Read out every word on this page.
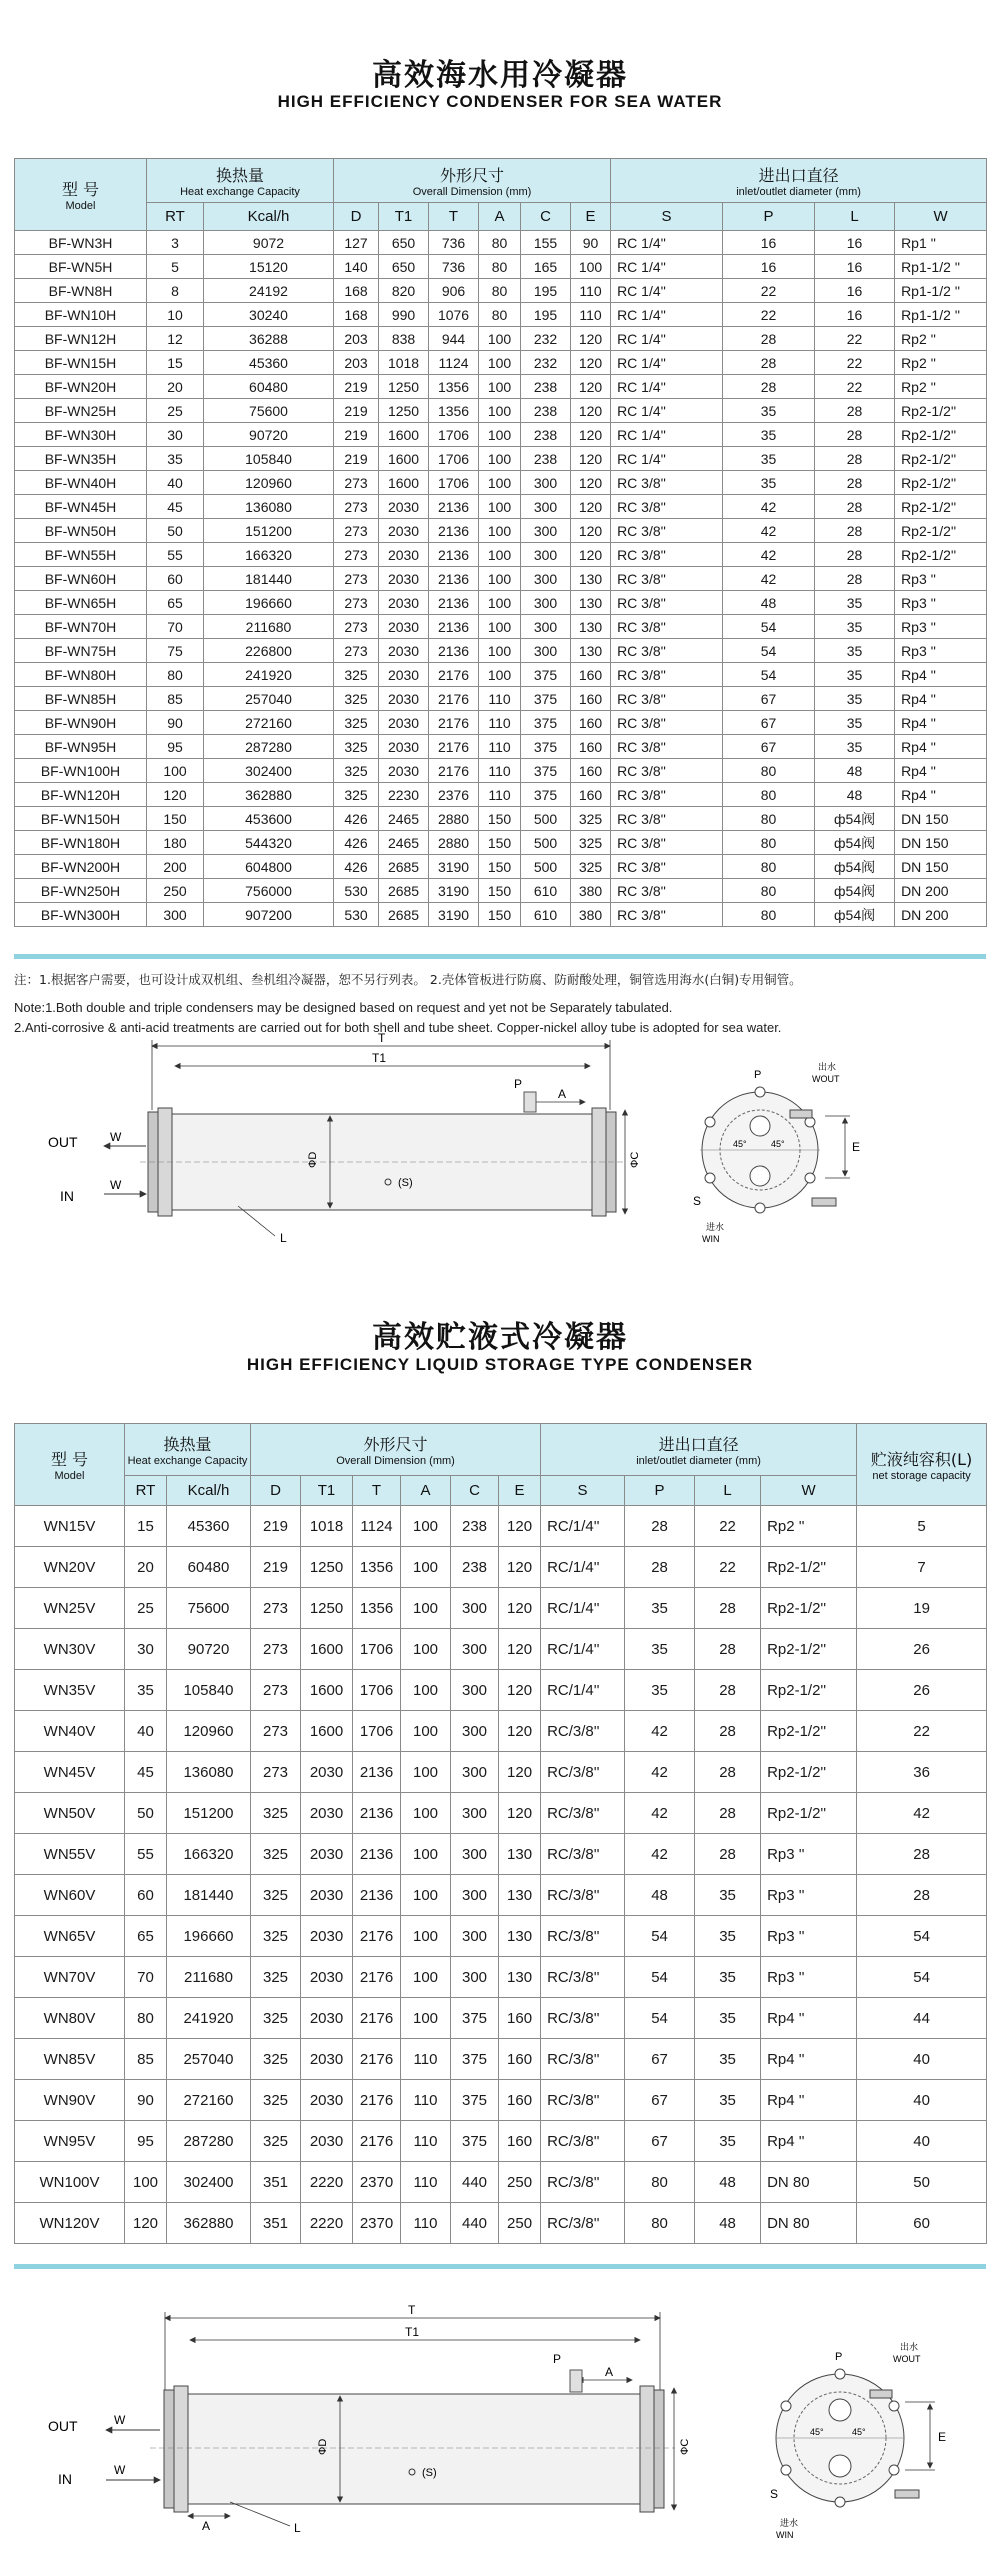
高效海水用冷凝器
HIGH EFFICIENCY CONDENSER FOR SEA WATER
型 号
Model	换热量
Heat exchange Capacity		外形尺寸
Overall Dimension (mm)						进出口直径
inlet/outlet diameter (mm)			

	RT	Kcal/h	D	T1	T	A	C	E	S	P	L	W
BF-WN3H	3	9072	127	650	736	80	155	90	RC 1/4''	16	16	Rp1 ''
BF-WN5H	5	15120	140	650	736	80	165	100	RC 1/4''	16	16	Rp1-1/2 ''
BF-WN8H	8	24192	168	820	906	80	195	110	RC 1/4''	22	16	Rp1-1/2 ''
BF-WN10H	10	30240	168	990	1076	80	195	110	RC 1/4''	22	16	Rp1-1/2 ''
BF-WN12H	12	36288	203	838	944	100	232	120	RC 1/4''	28	22	Rp2 ''
BF-WN15H	15	45360	203	1018	1124	100	232	120	RC 1/4''	28	22	Rp2 ''
BF-WN20H	20	60480	219	1250	1356	100	238	120	RC 1/4''	28	22	Rp2 ''
BF-WN25H	25	75600	219	1250	1356	100	238	120	RC 1/4''	35	28	Rp2-1/2''
BF-WN30H	30	90720	219	1600	1706	100	238	120	RC 1/4''	35	28	Rp2-1/2''
BF-WN35H	35	105840	219	1600	1706	100	238	120	RC 1/4''	35	28	Rp2-1/2''
BF-WN40H	40	120960	273	1600	1706	100	300	120	RC 3/8''	35	28	Rp2-1/2''
BF-WN45H	45	136080	273	2030	2136	100	300	120	RC 3/8''	42	28	Rp2-1/2''
BF-WN50H	50	151200	273	2030	2136	100	300	120	RC 3/8''	42	28	Rp2-1/2''
BF-WN55H	55	166320	273	2030	2136	100	300	120	RC 3/8''	42	28	Rp2-1/2''
BF-WN60H	60	181440	273	2030	2136	100	300	130	RC 3/8''	42	28	Rp3 ''
BF-WN65H	65	196660	273	2030	2136	100	300	130	RC 3/8''	48	35	Rp3 ''
BF-WN70H	70	211680	273	2030	2136	100	300	130	RC 3/8''	54	35	Rp3 ''
BF-WN75H	75	226800	273	2030	2136	100	300	130	RC 3/8''	54	35	Rp3 ''
BF-WN80H	80	241920	325	2030	2176	100	375	160	RC 3/8''	54	35	Rp4 ''
BF-WN85H	85	257040	325	2030	2176	110	375	160	RC 3/8''	67	35	Rp4 ''
BF-WN90H	90	272160	325	2030	2176	110	375	160	RC 3/8''	67	35	Rp4 ''
BF-WN95H	95	287280	325	2030	2176	110	375	160	RC 3/8''	67	35	Rp4 ''
BF-WN100H	100	302400	325	2030	2176	110	375	160	RC 3/8''	80	48	Rp4 ''
BF-WN120H	120	362880	325	2230	2376	110	375	160	RC 3/8''	80	48	Rp4 ''
BF-WN150H	150	453600	426	2465	2880	150	500	325	RC 3/8''	80	ф54阀	DN 150
BF-WN180H	180	544320	426	2465	2880	150	500	325	RC 3/8''	80	ф54阀	DN 150
BF-WN200H	200	604800	426	2685	3190	150	500	325	RC 3/8''	80	ф54阀	DN 150
BF-WN250H	250	756000	530	2685	3190	150	610	380	RC 3/8''	80	ф54阀	DN 200
BF-WN300H	300	907200	530	2685	3190	150	610	380	RC 3/8''	80	ф54阀	DN 200
注：1.根据客户需要，也可设计成双机组、叁机组冷凝器，恕不另行列表。 2.壳体管板进行防腐、防耐酸处理，铜管选用海水(白铜)专用铜管。
Note:1.Both double and triple condensers may be designed based on request and yet not be Separately tabulated.
2.Anti-corrosive & anti-acid treatments are carried out for both shell and tube sheet. Copper-nickel alloy tube is adopted for sea water.
T
T1
P
A
OUT	W
IN
W
ФD
(S)
L
ФC
45°	45°
P
出水
WOUT
E
S
进水
WIN
高效贮液式冷凝器
HIGH EFFICIENCY LIQUID STORAGE TYPE CONDENSER
型 号
Model	换热量
Heat exchange Capacity		外形尺寸
Overall Dimension (mm)						进出口直径
inlet/outlet diameter (mm)				贮液纯容积(L)
net storage capacity

	RT	Kcal/h	D	T1	T	A	C	E	S	P	L	W	
WN15V	15	45360	219	1018	1124	100	238	120	RC/1/4''	28	22	Rp2 ''	5
WN20V	20	60480	219	1250	1356	100	238	120	RC/1/4''	28	22	Rp2-1/2''	7
WN25V	25	75600	273	1250	1356	100	300	120	RC/1/4''	35	28	Rp2-1/2''	19
WN30V	30	90720	273	1600	1706	100	300	120	RC/1/4''	35	28	Rp2-1/2''	26
WN35V	35	105840	273	1600	1706	100	300	120	RC/1/4''	35	28	Rp2-1/2''	26
WN40V	40	120960	273	1600	1706	100	300	120	RC/3/8''	42	28	Rp2-1/2''	22
WN45V	45	136080	273	2030	2136	100	300	120	RC/3/8''	42	28	Rp2-1/2''	36
WN50V	50	151200	325	2030	2136	100	300	120	RC/3/8''	42	28	Rp2-1/2''	42
WN55V	55	166320	325	2030	2136	100	300	130	RC/3/8''	42	28	Rp3 ''	28
WN60V	60	181440	325	2030	2136	100	300	130	RC/3/8''	48	35	Rp3 ''	28
WN65V	65	196660	325	2030	2176	100	300	130	RC/3/8''	54	35	Rp3 ''	54
WN70V	70	211680	325	2030	2176	100	300	130	RC/3/8''	54	35	Rp3 ''	54
WN80V	80	241920	325	2030	2176	100	375	160	RC/3/8''	54	35	Rp4 ''	44
WN85V	85	257040	325	2030	2176	110	375	160	RC/3/8''	67	35	Rp4 ''	40
WN90V	90	272160	325	2030	2176	110	375	160	RC/3/8''	67	35	Rp4 ''	40
WN95V	95	287280	325	2030	2176	110	375	160	RC/3/8''	67	35	Rp4 ''	40
WN100V	100	302400	351	2220	2370	110	440	250	RC/3/8''	80	48	DN 80	50
WN120V	120	362880	351	2220	2370	110	440	250	RC/3/8''	80	48	DN 80	60
T
T1
P
A
OUT	W
IN
W
ФD
(S)
L
A
ФC
45°	45°
P
出水
WOUT
E
S
进水
WIN
